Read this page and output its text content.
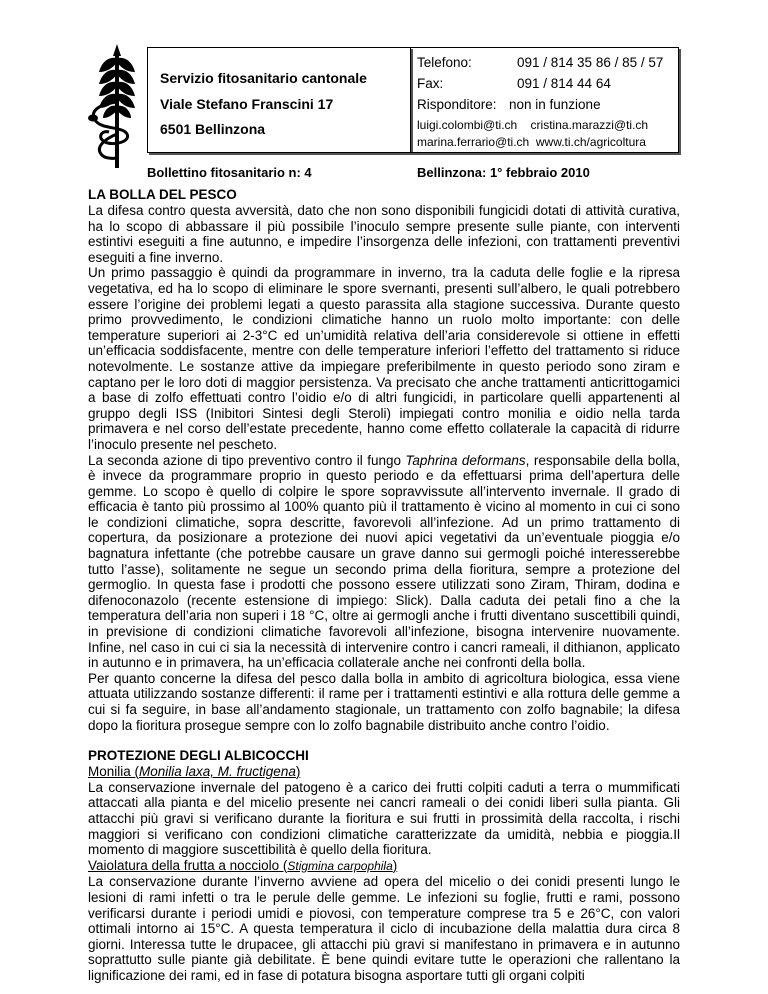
Servizio fitosanitario cantonale
Viale Stefano Franscini 17
6501 Bellinzona
Telefono:	091 / 814 35 86 / 85 / 57
Fax:	091 / 814 44 64
Risponditore: non in funzione
luigi.colombi@ti.ch    cristina.marazzi@ti.ch
marina.ferrario@ti.ch  www.ti.ch/agricoltura
Bollettino fitosanitario n: 4	Bellinzona: 1° febbraio 2010
LA BOLLA DEL PESCO

La difesa contro questa avversità, dato che non sono disponibili fungicidi dotati di attività curativa, ha lo scopo di abbassare il più possibile l’inoculo sempre presente sulle piante, con interventi estintivi eseguiti a fine autunno, e impedire l’insorgenza delle infezioni, con trattamenti preventivi eseguiti a fine inverno.

Un primo passaggio è quindi da programmare in inverno, tra la caduta delle foglie e la ripresa vegetativa, ed ha lo scopo di eliminare le spore svernanti, presenti sull’albero, le quali potrebbero essere l’origine dei problemi legati a questo parassita alla stagione successiva. Durante questo primo provvedimento, le condizioni climatiche hanno un ruolo molto importante: con delle temperature superiori ai 2-3°C ed un’umidità relativa dell’aria considerevole si ottiene in effetti un’efficacia soddisfacente, mentre con delle temperature inferiori l’effetto del trattamento si riduce notevolmente. Le sostanze attive da impiegare preferibilmente in questo periodo sono ziram e captano per le loro doti di maggior persistenza. Va precisato che anche trattamenti anticrittogamici a base di zolfo effettuati contro l’oidio e/o di altri fungicidi, in particolare quelli appartenenti al gruppo degli ISS (Inibitori Sintesi degli Steroli) impiegati contro monilia e oidio nella tarda primavera e nel corso dell’estate precedente, hanno come effetto collaterale la capacità di ridurre l’inoculo presente nel pescheto.

La seconda azione di tipo preventivo contro il fungo Taphrina deformans, responsabile della bolla, è invece da programmare proprio in questo periodo e da effettuarsi prima dell’apertura delle gemme. Lo scopo è quello di colpire le spore sopravvissute all’intervento invernale. Il grado di efficacia è tanto più prossimo al 100% quanto più il trattamento è vicino al momento in cui ci sono le condizioni climatiche, sopra descritte, favorevoli all’infezione. Ad un primo trattamento di copertura, da posizionare a protezione dei nuovi apici vegetativi da un’eventuale pioggia e/o bagnatura infettante (che potrebbe causare un grave danno sui germogli poiché interesserebbe tutto l’asse), solitamente ne segue un secondo prima della fioritura, sempre a protezione del germoglio. In questa fase i prodotti che possono essere utilizzati sono Ziram, Thiram, dodina e difenoconazolo (recente estensione di impiego: Slick). Dalla caduta dei petali fino a che la temperatura dell’aria non superi i 18 °C, oltre ai germogli anche i frutti diventano suscettibili quindi, in previsione di condizioni climatiche favorevoli all’infezione, bisogna intervenire nuovamente. Infine, nel caso in cui ci sia la necessità di intervenire contro i cancri rameali, il dithianon, applicato in autunno e in primavera, ha un’efficacia collaterale anche nei confronti della bolla.

Per quanto concerne la difesa del pesco dalla bolla in ambito di agricoltura biologica, essa viene attuata utilizzando sostanze differenti: il rame per i trattamenti estintivi e alla rottura delle gemme a cui si fa seguire, in base all’andamento stagionale, un trattamento con zolfo bagnabile; la difesa dopo la fioritura prosegue sempre con lo zolfo bagnabile distribuito anche contro l’oidio.

PROTEZIONE DEGLI ALBICOCCHI
Monilia (Monilia laxa, M. fructigena)

La conservazione invernale del patogeno è a carico dei frutti colpiti caduti a terra o mummificati attaccati alla pianta e del micelio presente nei cancri rameali o dei conidi liberi sulla pianta. Gli attacchi più gravi si verificano durante la fioritura e sui frutti in prossimità della raccolta, i rischi maggiori si verificano con condizioni climatiche caratterizzate da umidità, nebbia e pioggia.Il momento di maggiore suscettibilità è quello della fioritura.

Vaiolatura della frutta a nocciolo (Stigmina carpophila)

La conservazione durante l’inverno avviene ad opera del micelio o dei conidi presenti lungo le lesioni di rami infetti o tra le perule delle gemme. Le infezioni su foglie, frutti e rami, possono verificarsi durante i periodi umidi e piovosi, con temperature comprese tra 5 e 26°C, con valori ottimali intorno ai 15°C. A questa temperatura il ciclo di incubazione della malattia dura circa 8 giorni. Interessa tutte le drupacee, gli attacchi più gravi si manifestano in primavera e in autunno soprattutto sulle piante già debilitate. È bene quindi evitare tutte le operazioni che rallentano la lignificazione dei rami, ed in fase di potatura bisogna asportare tutti gli organi colpiti
